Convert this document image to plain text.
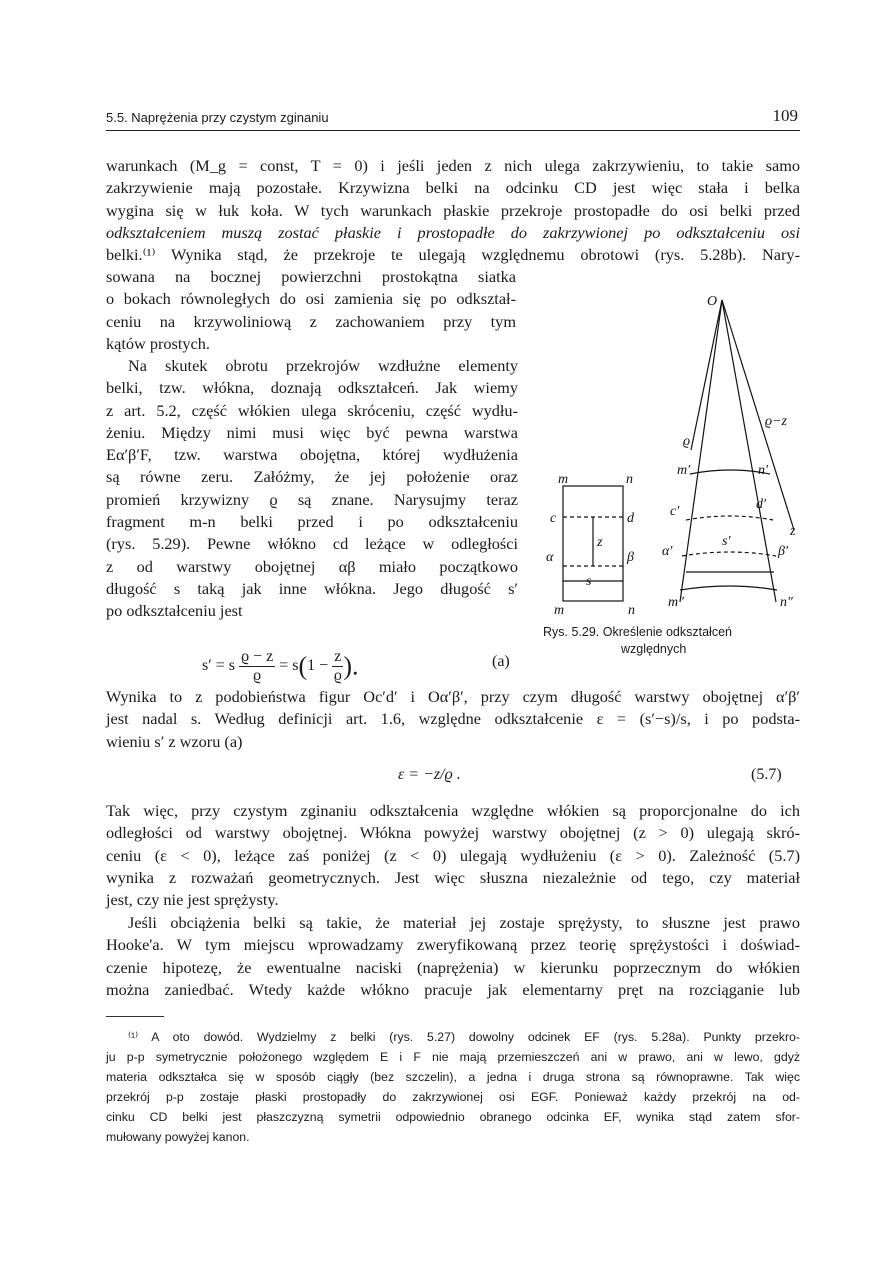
5.5. Naprężenia przy czystym zginaniu	109
warunkach (M_g = const, T = 0) i jeśli jeden z nich ulega zakrzywieniu, to takie samo
zakrzywienie mają pozostałe. Krzywizna belki na odcinku CD jest więc stała i belka
wygina się w łuk koła. W tych warunkach płaskie przekroje prostopadłe do osi belki przed
odkształceniem muszą zostać płaskie i prostopadłe do zakrzywionej po odkształceniu osi
belki.⁽¹⁾ Wynika stąd, że przekroje te ulegają względnemu obrotowi (rys. 5.28b). Nary-
sowana na bocznej powierzchni prostokątna siatka
o bokach równoległych do osi zamienia się po odkształ-
ceniu na krzywoliniową z zachowaniem przy tym
kątów prostych.
Na skutek obrotu przekrojów wzdłużne elementy
belki, tzw. włókna, doznają odkształceń. Jak wiemy
z art. 5.2, część włókien ulega skróceniu, część wydłu-
żeniu. Między nimi musi więc być pewna warstwa
Eα′β′F, tzw. warstwa obojętna, której wydłużenia
są równe zeru. Załóżmy, że jej położenie oraz
promień krzywizny ϱ są znane. Narysujmy teraz
fragment m-n belki przed i po odkształceniu
(rys. 5.29). Pewne włókno cd leżące w odległości
z od warstwy obojętnej αβ miało początkowo
długość s taką jak inne włókna. Jego długość s′
po odkształceniu jest
s′ = s $\frac{ϱ - z}{ϱ} = s(1 - \frac{z}{ϱ}$ ).	(a)
O
m	n
c	d
α	β
s
z
m	n
m′	n′
c′	d′
α′	β′
s′
m″	n″
ϱ
ϱ−z
z
Rys. 5.29. Określenie odkształceń
względnych
Wynika to z podobieństwa figur Oc′d′ i Oα′β′, przy czym długość warstwy obojętnej α′β′
jest nadal s. Według definicji art. 1.6, względne odkształcenie ε = (s′−s)/s, i po podsta-
wieniu s′ z wzoru (a)
ε = −z/ϱ .	(5.7)
Tak więc, przy czystym zginaniu odkształcenia względne włókien są proporcjonalne do ich
odległości od warstwy obojętnej. Włókna powyżej warstwy obojętnej (z > 0) ulegają skró-
ceniu (ε < 0), leżące zaś poniżej (z < 0) ulegają wydłużeniu (ε > 0). Zależność (5.7)
wynika z rozważań geometrycznych. Jest więc słuszna niezależnie od tego, czy materiał
jest, czy nie jest sprężysty.
Jeśli obciążenia belki są takie, że materiał jej zostaje sprężysty, to słuszne jest prawo
Hooke'a. W tym miejscu wprowadzamy zweryfikowaną przez teorię sprężystości i doświad-
czenie hipotezę, że ewentualne naciski (naprężenia) w kierunku poprzecznym do włókien
można zaniedbać. Wtedy każde włókno pracuje jak elementarny pręt na rozciąganie lub
⁽¹⁾ A oto dowód. Wydzielmy z belki (rys. 5.27) dowolny odcinek EF (rys. 5.28a). Punkty przekro-
ju p-p symetrycznie położonego względem E i F nie mają przemieszczeń ani w prawo, ani w lewo, gdyż
materia odkształca się w sposób ciągły (bez szczelin), a jedna i druga strona są równoprawne. Tak więc
przekrój p-p zostaje płaski prostopadły do zakrzywionej osi EGF. Ponieważ każdy przekrój na od-
cinku CD belki jest płaszczyzną symetrii odpowiednio obranego odcinka EF, wynika stąd zatem sfor-
mułowany powyżej kanon.
